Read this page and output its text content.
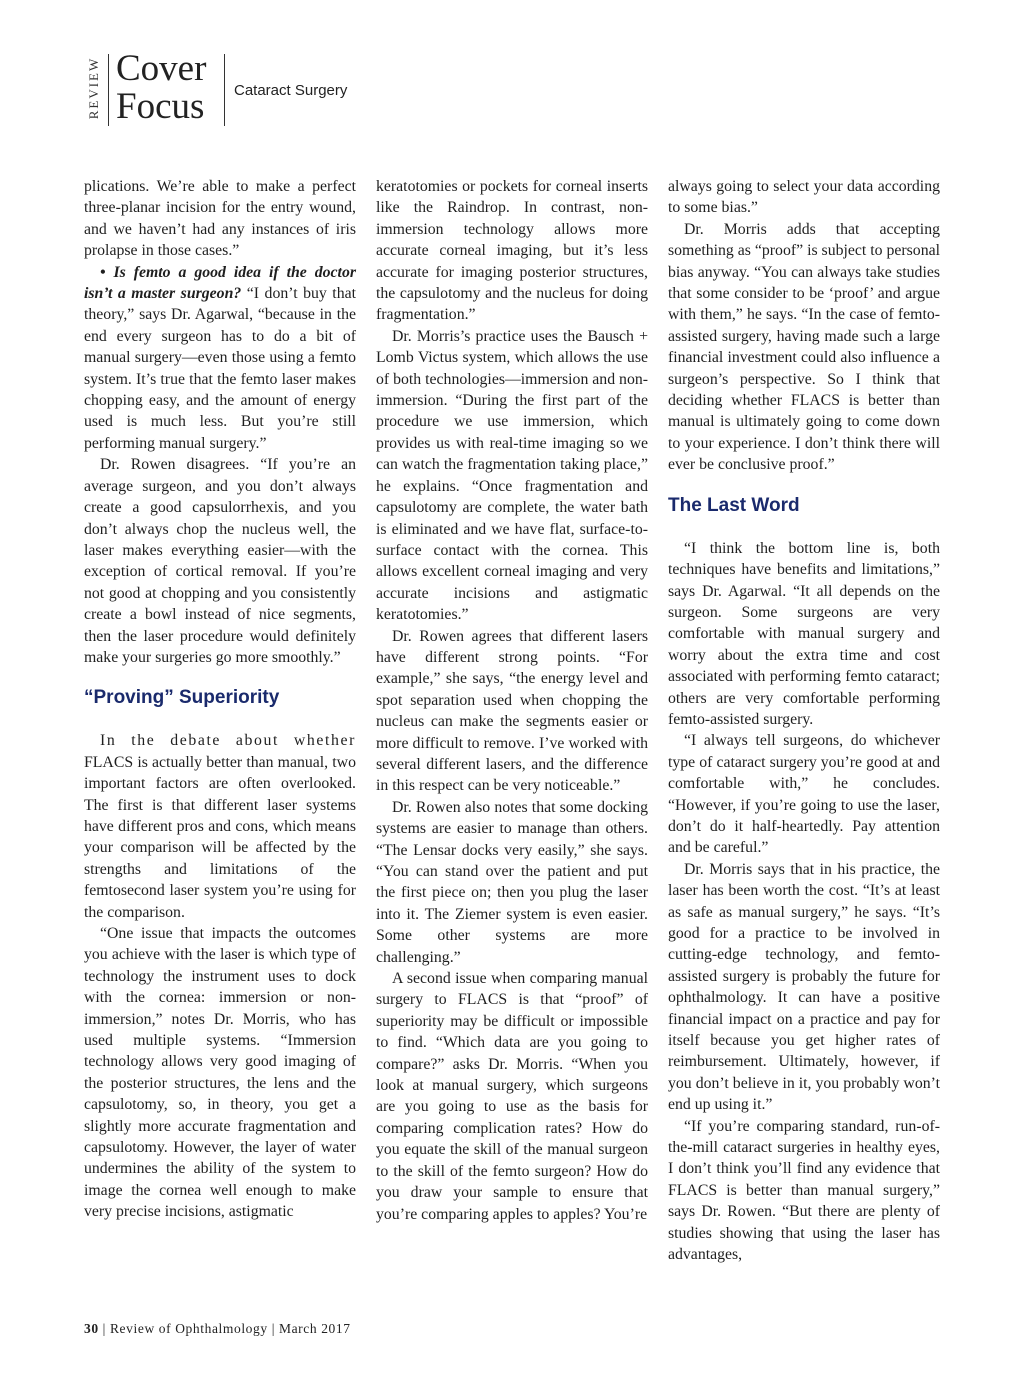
REVIEW Cover
Focus Cataract Surgery

plications. We’re able to make a perfect three-planar incision for the entry wound, and we haven’t had any instances of iris prolapse in those cases.”

• Is femto a good idea if the doctor isn’t a master surgeon? “I don’t buy that theory,” says Dr. Agarwal, “because in the end every surgeon has to do a bit of manual surgery—even those using a femto system. It’s true that the femto laser makes chopping easy, and the amount of energy used is much less. But you’re still performing manual surgery.”

Dr. Rowen disagrees. “If you’re an average surgeon, and you don’t always create a good capsulorrhexis, and you don’t always chop the nucleus well, the laser makes everything easier—with the exception of cortical removal. If you’re not good at chopping and you consistently create a bowl instead of nice segments, then the laser procedure would definitely make your surgeries go more smoothly.”

“Proving” Superiority

In the debate about whether FLACS is actually better than manual, two important factors are often overlooked. The first is that different laser systems have different pros and cons, which means your comparison will be affected by the strengths and limitations of the femtosecond laser system you’re using for the comparison.

“One issue that impacts the outcomes you achieve with the laser is which type of technology the instrument uses to dock with the cornea: immersion or non-immersion,” notes Dr. Morris, who has used multiple systems. “Immersion technology allows very good imaging of the posterior structures, the lens and the capsulotomy, so, in theory, you get a slightly more accurate fragmentation and capsulotomy. However, the layer of water undermines the ability of the system to image the cornea well enough to make very precise incisions, astigmatic

keratotomies or pockets for corneal inserts like the Raindrop. In contrast, non-immersion technology allows more accurate corneal imaging, but it’s less accurate for imaging posterior structures, the capsulotomy and the nucleus for doing fragmentation.”

Dr. Morris’s practice uses the Bausch + Lomb Victus system, which allows the use of both technologies—immersion and non-immersion. “During the first part of the procedure we use immersion, which provides us with real-time imaging so we can watch the fragmentation taking place,” he explains. “Once fragmentation and capsulotomy are complete, the water bath is eliminated and we have flat, surface-to-surface contact with the cornea. This allows excellent corneal imaging and very accurate incisions and astigmatic keratotomies.”

Dr. Rowen agrees that different lasers have different strong points. “For example,” she says, “the energy level and spot separation used when chopping the nucleus can make the segments easier or more difficult to remove. I’ve worked with several different lasers, and the difference in this respect can be very noticeable.”

Dr. Rowen also notes that some docking systems are easier to manage than others. “The Lensar docks very easily,” she says. “You can stand over the patient and put the first piece on; then you plug the laser into it. The Ziemer system is even easier. Some other systems are more challenging.”

A second issue when comparing manual surgery to FLACS is that “proof” of superiority may be difficult or impossible to find. “Which data are you going to compare?” asks Dr. Morris. “When you look at manual surgery, which surgeons are you going to use as the basis for comparing complication rates? How do you equate the skill of the manual surgeon to the skill of the femto surgeon? How do you draw your sample to ensure that you’re comparing apples to apples? You’re

always going to select your data according to some bias.”

Dr. Morris adds that accepting something as “proof” is subject to personal bias anyway. “You can always take studies that some consider to be ‘proof’ and argue with them,” he says. “In the case of femto-assisted surgery, having made such a large financial investment could also influence a surgeon’s perspective. So I think that deciding whether FLACS is better than manual is ultimately going to come down to your experience. I don’t think there will ever be conclusive proof.”

The Last Word

“I think the bottom line is, both techniques have benefits and limitations,” says Dr. Agarwal. “It all depends on the surgeon. Some surgeons are very comfortable with manual surgery and worry about the extra time and cost associated with performing femto cataract; others are very comfortable performing femto-assisted surgery.

“I always tell surgeons, do whichever type of cataract surgery you’re good at and comfortable with,” he concludes. “However, if you’re going to use the laser, don’t do it half-heartedly. Pay attention and be careful.”

Dr. Morris says that in his practice, the laser has been worth the cost. “It’s at least as safe as manual surgery,” he says. “It’s good for a practice to be involved in cutting-edge technology, and femto-assisted surgery is probably the future for ophthalmology. It can have a positive financial impact on a practice and pay for itself because you get higher rates of reimbursement. Ultimately, however, if you don’t believe in it, you probably won’t end up using it.”

“If you’re comparing standard, run-of-the-mill cataract surgeries in healthy eyes, I don’t think you’ll find any evidence that FLACS is better than manual surgery,” says Dr. Rowen. “But there are plenty of studies showing that using the laser has advantages,

30 | Review of Ophthalmology | March 2017
